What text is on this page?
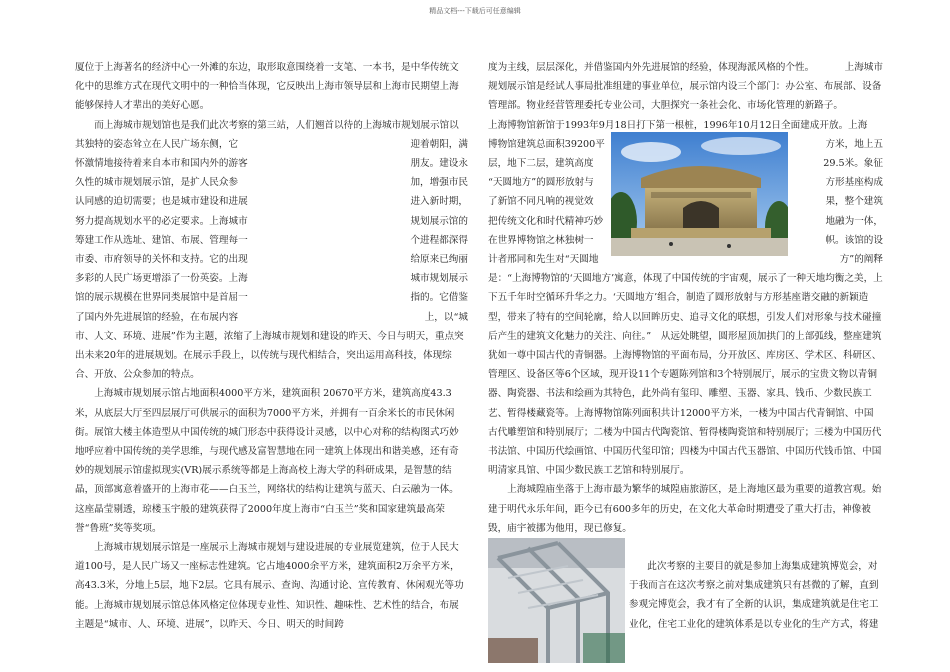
精品文档---下载后可任意编辑

厦位于上海著名的经济中心一外滩的东边，取形取意围绕着一支笔、一本书，是中华传统文化中的思维方式在现代文明中的一种恰当体现，它反映出上海市领导层和上海市民期望上海能够保持人才辈出的美好心愿。

而上海城市规划馆也是我们此次考察的第三站，人们翘首以待的上海城市规划展示馆以
其独特的姿态耸立在人民广场东侧，它	迎着朝阳，满
怀激情地接待着来自本市和国内外的游客	朋友。建设永
久性的城市规划展示馆，是扩人民众参	加，增强市民
认同感的迫切需要；也是城市建设和进展	进入新时期，
努力提高规划水平的必定要求。上海城市	规划展示馆的
筹建工作从选址、建馆、布展、管理每一	个进程都深得
市委、市府领导的关怀和支持。它的出现	给原来已绚丽
多彩的人民广场更增添了一份英姿。上海	城市规划展示
馆的展示规模在世界同类展馆中是首屈一	指的。它借鉴
了国内外先进展馆的经验，在布展内容	上，以“城

市、人文、环境、进展”作为主题，浓缩了上海城市规划和建设的昨天、今日与明天，重点突出未来20年的进展规划。在展示手段上，以传统与现代相结合，突出运用高科技，体现综合、开放、公众参加的特点。

上海城市规划展示馆占地面积4000平方米，建筑面积 20670平方米，建筑高度43.3米，从底层大厅至四层展厅可供展示的面积为7000平方米，并拥有一百余米长的市民休闲街。展馆大楼主体造型从中国传统的城门形态中获得设计灵感，以中心对称的结构图式巧妙地呼应着中国传统的美学思维，与现代感及富智慧地在同一建筑上体现出和谐美感，还有奇妙的规划展示馆虚拟现实(VR)展示系统等都是上海高校上海大学的科研成果，是智慧的结晶，顶部寓意着盛开的上海市花——白玉兰，网络状的结构让建筑与蓝天、白云融为一体。这座晶莹剔透，琼楼玉宇般的建筑获得了2000年度上海市“白玉兰”奖和国家建筑最高荣誉“鲁班”奖等奖项。

上海城市规划展示馆是一座展示上海城市规划与建设进展的专业展览建筑，位于人民大道100号，是人民广场又一座标志性建筑。它占地4000余平方米，建筑面积2万余平方米，高43.3米，分地上5层，地下2层。它具有展示、查询、沟通讨论、宣传教育、休闲观光等功能。上海城市规划展示馆总体风格定位体现专业性、知识性、趣味性、艺术性的结合，布展主题是“城市、人、环境、进展”，以昨天、今日、明天的时间跨

度为主线，层层深化，并借鉴国内外先进展馆的经验，体现海派风格的个性。	上海城市

规划展示馆是经试人事局批准组建的事业单位，展示馆内设三个部门：办公室、布展部、设备管理部。物业经营管理委托专业公司，大胆探究一条社会化、市场化管理的新路子。

上海博物馆新馆于1993年9月18日打下第一根桩，1996年10月12日全面建成开放。上海

博物馆建筑总面积39200平	方米，地上五
层，地下二层，建筑高度	29.5米。象征
“天圆地方”的圆形放射与	方形基座构成
了新馆不同凡响的视觉效	果，整个建筑
把传统文化和时代精神巧妙	地融为一体，
在世界博物馆之林独树一	帜。该馆的设
计者邢同和先生对“天圆地	方”的阐释

是：“上海博物馆的‘天圆地方’寓意，体现了中国传统的宇宙观，展示了一种天地均衡之美，上下五千年时空循环升华之力。‘天圆地方’组合，制造了圆形放射与方形基座谐交融的新颖造型，带来了特有的空间轮廓，给人以回眸历史、追寻文化的联想，引发人们对形象与技术碰撞后产生的建筑文化魅力的关注、向往。”　从远处眺望，圆形屋顶加拱门的上部弧线，整座建筑犹如一尊中国古代的青铜器。上海博物馆的平面布局，分开放区、库房区、学术区、科研区、管理区、设备区等6个区域，现开设11个专题陈列馆和3个特别展厅，展示的宝贵文物以青铜器、陶瓷器、书法和绘画为其特色，此外尚有玺印、雕塑、玉器、家具、钱币、少数民族工艺、暂得楼藏瓷等。上海博物馆陈列面积共计12000平方米，一楼为中国古代青铜馆、中国古代雕塑馆和特别展厅；二楼为中国古代陶瓷馆、暂得楼陶瓷馆和特别展厅；三楼为中国历代书法馆、中国历代绘画馆、中国历代玺印馆；四楼为中国古代玉器馆、中国历代钱币馆、中国明清家具馆、中国少数民族工艺馆和特别展厅。

上海城隍庙坐落于上海市最为繁华的城隍庙旅游区，是上海地区最为重要的道教宫观。始建于明代永乐年间，距今已有600多年的历史，在文化大革命时期遭受了重大打击，神像被毁，庙宇被挪为他用，现已修复。

此次考察的主要目的就是参加上海集成建筑博览会，对
于我而言在这次考察之前对集成建筑只有甚微的了解，直到
参观完博览会，我才有了全新的认识，集成建筑就是住宅工
业化，住宅工业化的建筑体系是以专业化的生产方式，将建
